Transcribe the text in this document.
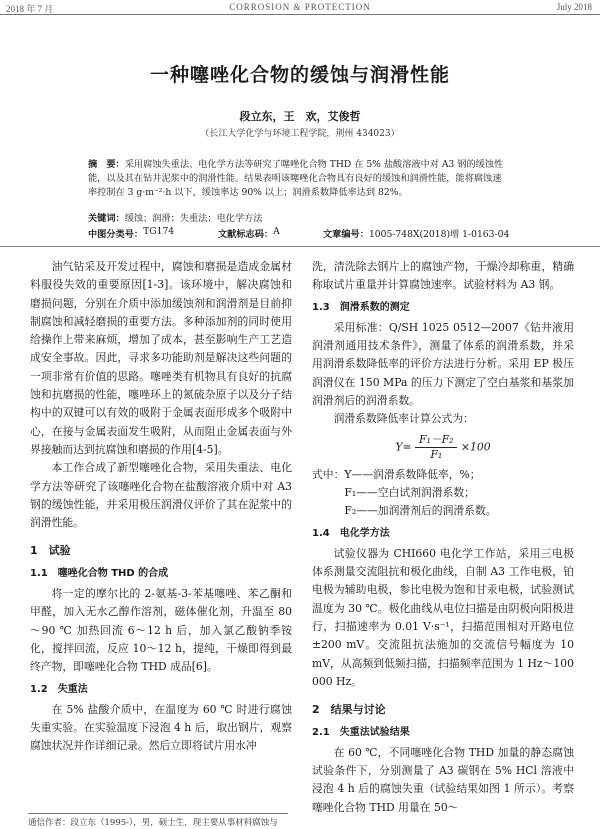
2018 年 7 月	CORROSION & PROTECTION	July 2018
一种噻唑化合物的缓蚀与润滑性能
段立东，王　欢，艾俊哲
（长江大学化学与环境工程学院，荆州 434023）
摘　要：采用腐蚀失重法、电化学方法等研究了噻唑化合物 THD 在 5% 盐酸溶液中对 A3 钢的缓蚀性能，以及其在钻井泥浆中的润滑性能。结果表明该噻唑化合物具有良好的缓蚀和润滑性能，能将腐蚀速率控制在 3 g·m⁻²·h 以下，缓蚀率达 90% 以上；润滑系数降低率达到 82%。
关键词：缓蚀；润滑；失重法；电化学方法
中图分类号： TG174	文献标志码： A	文章编号： 1005-748X(2018)增 1-0163-04

油气钻采及开发过程中，腐蚀和磨损是造成金属材料服役失效的重要原因[1-3]。该环境中，解决腐蚀和磨损问题，分别在介质中添加缓蚀剂和润滑剂是目前抑制腐蚀和减轻磨损的重要方法。多种添加剂的同时使用给操作上带来麻烦，增加了成本，甚至影响生产工艺造成安全事故。因此，寻求多功能助剂是解决这些问题的一项非常有价值的思路。噻唑类有机物具有良好的抗腐蚀和抗磨损的性能，噻唑环上的氮硫杂原子以及分子结构中的双键可以有效的吸附于金属表面形成多个吸附中心，在接与金属表面发生吸附，从而阻止金属表面与外界接触而达到抗腐蚀和磨损的作用[4-5]。

本工作合成了新型噻唑化合物，采用失重法、电化学方法等研究了该噻唑化合物在盐酸溶液介质中对 A3 钢的缓蚀性能，并采用极压润滑仪评价了其在泥浆中的润滑性能。

1　试验
1.1　噻唑化合物 THD 的合成

将一定的摩尔比的 2-氨基-3-苯基噻唑、苯乙酮和甲醛，加入无水乙醇作溶剂，磁体催化剂，升温至 80～90 ℃ 加热回流 6～12 h 后，加入氯乙酸钠季铵化，搅拌回流，反应 10～12 h，提纯，干燥即得到最终产物，即噻唑化合物 THD 成品[6]。

1.2　失重法

在 5% 盐酸介质中，在温度为 60 ℃ 时进行腐蚀失重实验。在实验温度下浸泡 4 h 后，取出钢片，观察腐蚀状况并作详细记录。然后立即将试片用水冲

洗，清洗除去钢片上的腐蚀产物，干燥冷却称重，精确称取试片重量并计算腐蚀速率。试验材料为 A3 钢。

1.3　润滑系数的测定

采用标准：Q/SH 1025 0512—2007《钻井液用润滑剂通用技术条件》，测量了体系的润滑系数，并采用润滑系数降低率的评价方法进行分析。采用 EP 极压润滑仪在 150 MPa 的压力下测定了空白基浆和基浆加润滑剂后的润滑系数。

润滑系数降低率计算公式为：

$Y= \frac{\text{F₁－F₂}}{\text{F₁}} \times 100$
式中：Y——润滑系数降低率，%；
F₁——空白试剂润滑系数；
F₂——加润滑剂后的润滑系数。
1.4　电化学方法

试验仪器为 CHI660 电化学工作站，采用三电极体系测量交流阻抗和极化曲线，自制 A3 工作电极，铂电极为辅助电极，参比电极为饱和甘汞电极，试验测试温度为 30 ℃。极化曲线从电位扫描是由阴极向阳极进行，扫描速率为 0.01 V·s⁻¹，扫描范围相对开路电位 ±200 mV。交流阻抗法施加的交流信号幅度为 10 mV，从高频到低频扫描，扫描频率范围为 1 Hz～100 000 Hz。

2　结果与讨论
2.1　失重法试验结果

在 60 ℃，不同噻唑化合物 THD 加量的静态腐蚀试验条件下，分别测量了 A3 碳钢在 5% HCl 溶液中浸泡 4 h 后的腐蚀失重（试验结果如图 1 所示）。考察噻唑化合物 THD 用量在 50～

通信作者：段立东（1995-），男，硕士生，现主要从事材料腐蚀与
